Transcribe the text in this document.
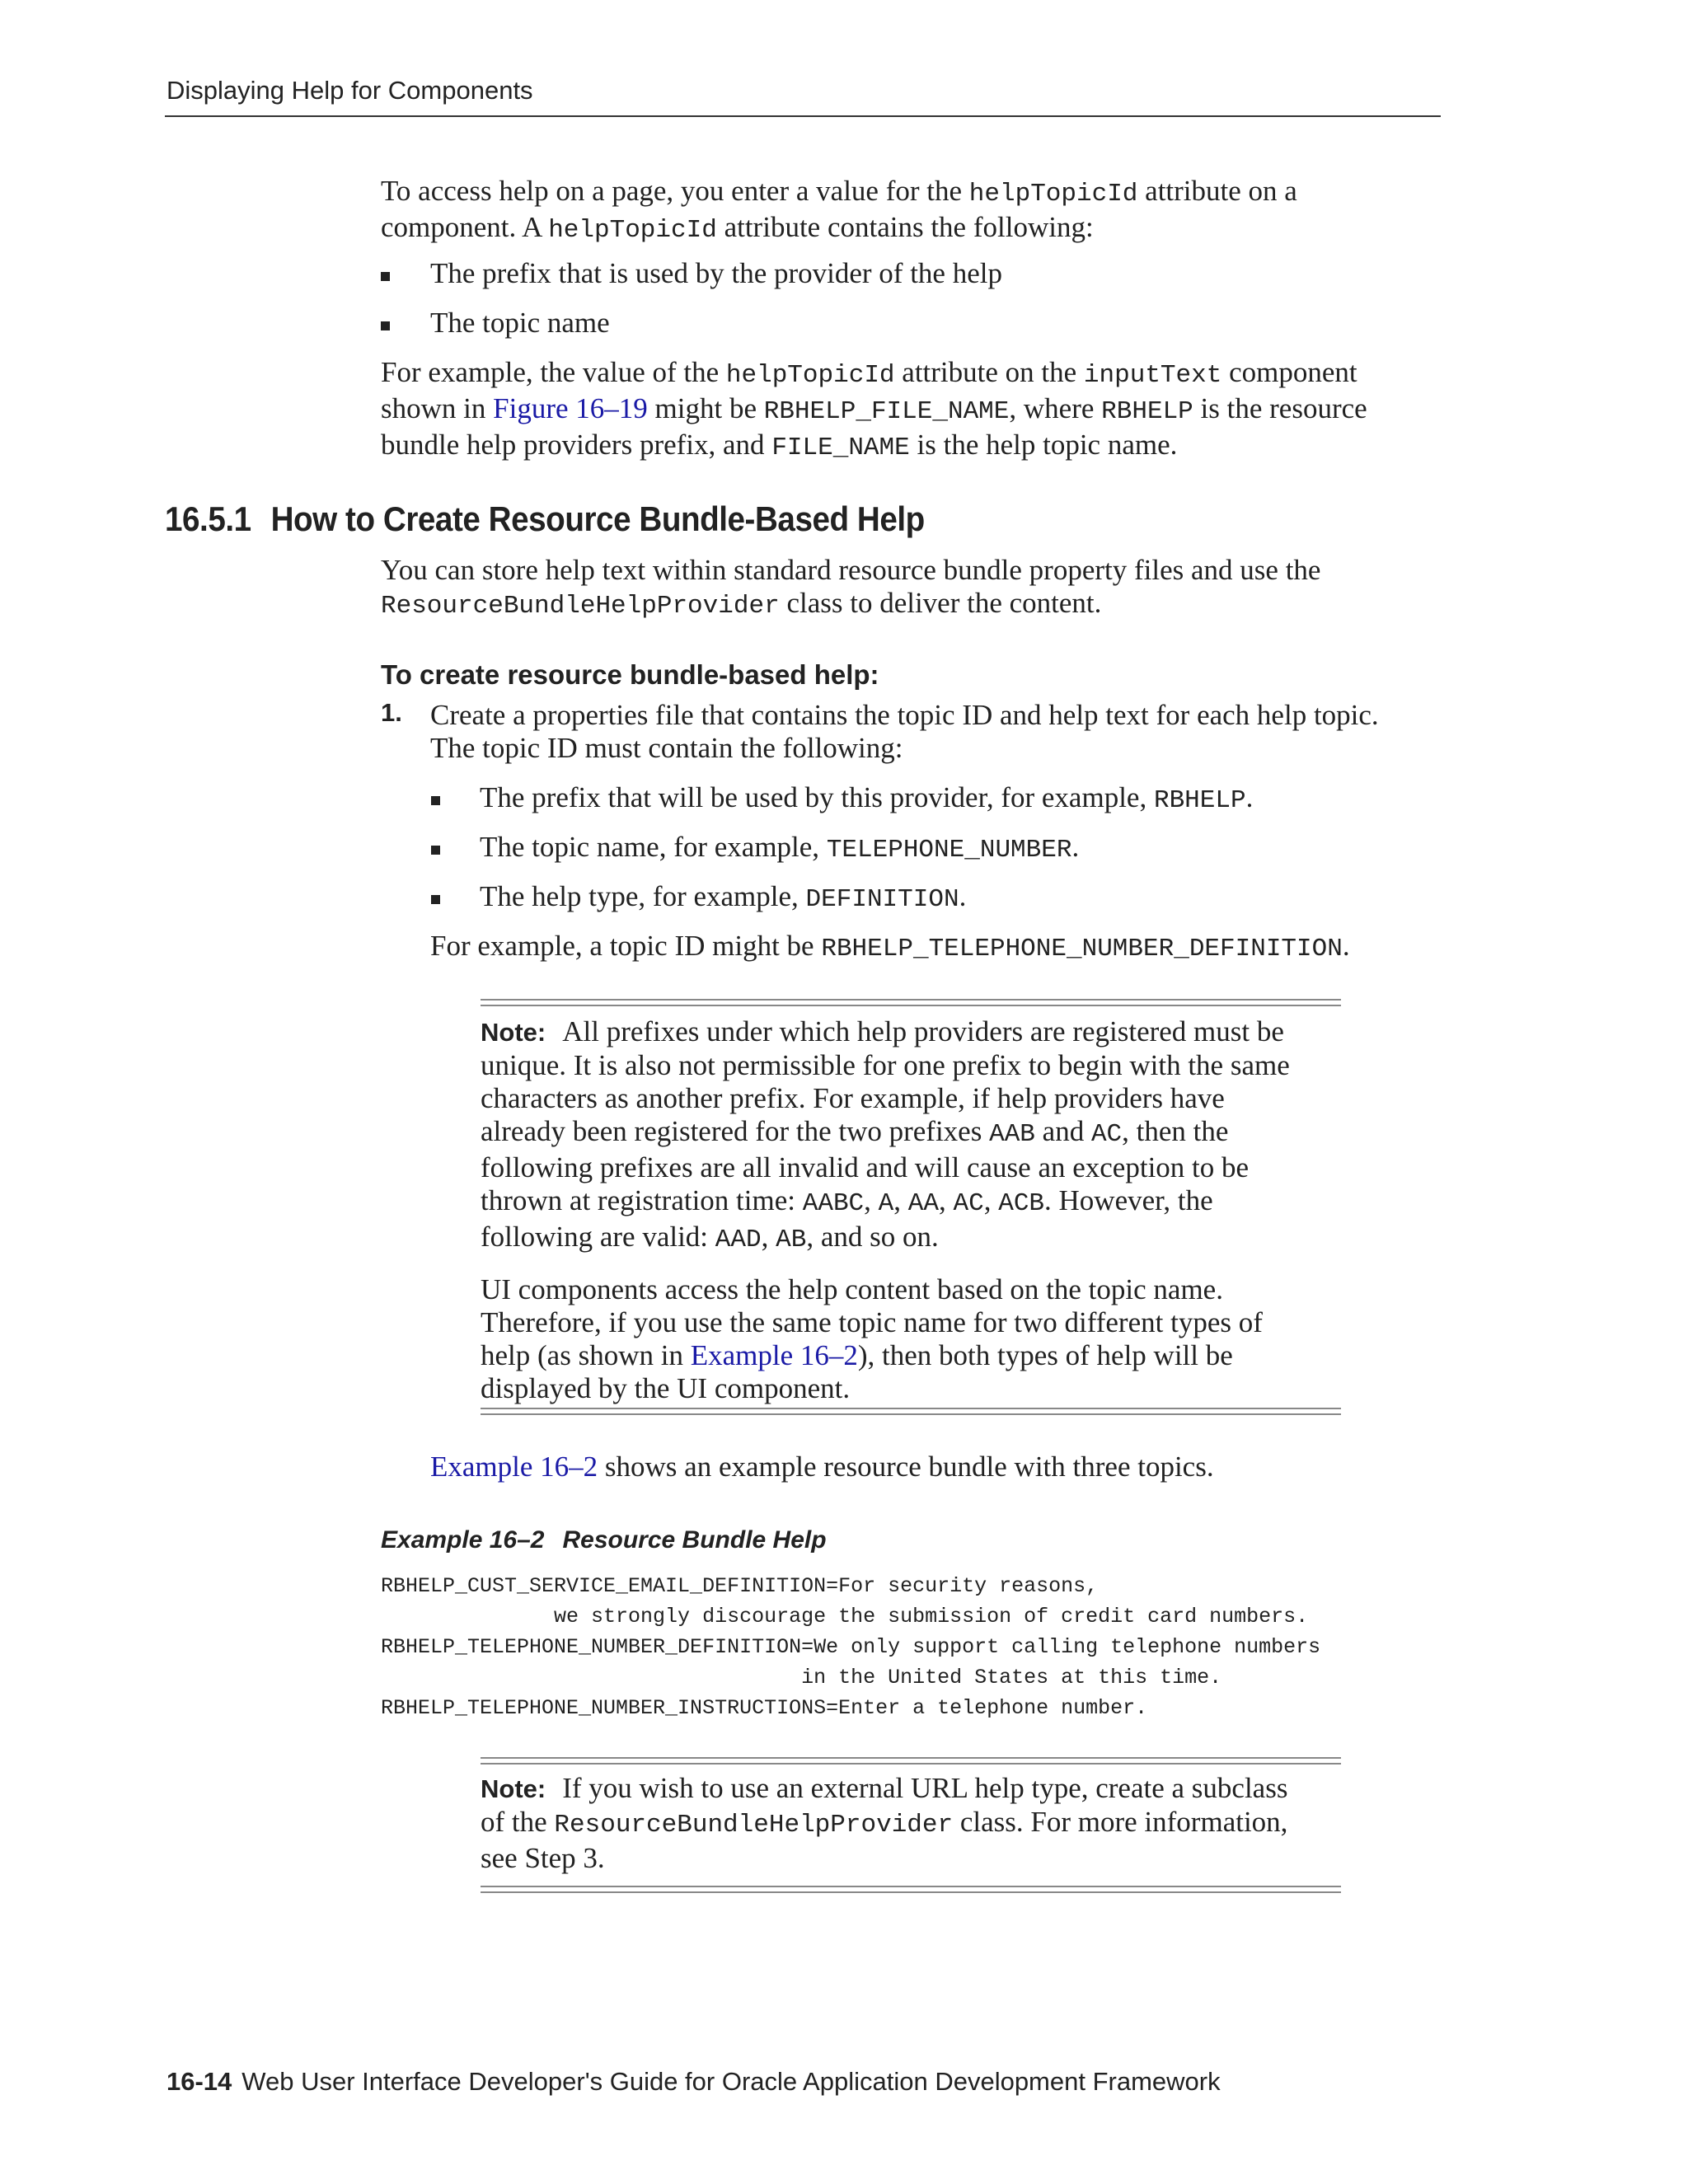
Displaying Help for Components

To access help on a page, you enter a value for the helpTopicId attribute on a
component. A helpTopicId attribute contains the following:

The prefix that is used by the provider of the help
The topic name

For example, the value of the helpTopicId attribute on the inputText component
shown in Figure 16–19 might be RBHELP_FILE_NAME, where RBHELP is the resource
bundle help providers prefix, and FILE_NAME is the help topic name.

16.5.1 How to Create Resource Bundle-Based Help

You can store help text within standard resource bundle property files and use the
ResourceBundleHelpProvider class to deliver the content.

To create resource bundle-based help:
1. Create a properties file that contains the topic ID and help text for each help topic.
The topic ID must contain the following:

The prefix that will be used by this provider, for example, RBHELP.
The topic name, for example, TELEPHONE_NUMBER.
The help type, for example, DEFINITION.

For example, a topic ID might be RBHELP_TELEPHONE_NUMBER_DEFINITION.

Note: All prefixes under which help providers are registered must be
unique. It is also not permissible for one prefix to begin with the same
characters as another prefix. For example, if help providers have
already been registered for the two prefixes AAB and AC, then the
following prefixes are all invalid and will cause an exception to be
thrown at registration time: AABC, A, AA, AC, ACB. However, the
following are valid: AAD, AB, and so on.
UI components access the help content based on the topic name.
Therefore, if you use the same topic name for two different types of
help (as shown in Example 16–2), then both types of help will be
displayed by the UI component.

Example 16–2 shows an example resource bundle with three topics.

Example 16–2 Resource Bundle Help
RBHELP_CUST_SERVICE_EMAIL_DEFINITION=For security reasons,
we strongly discourage the submission of credit card numbers.
RBHELP_TELEPHONE_NUMBER_DEFINITION=We only support calling telephone numbers
in the United States at this time.
RBHELP_TELEPHONE_NUMBER_INSTRUCTIONS=Enter a telephone number.
Note: If you wish to use an external URL help type, create a subclass
of the ResourceBundleHelpProvider class. For more information,
see Step 3.
16-14 Web User Interface Developer's Guide for Oracle Application Development Framework
